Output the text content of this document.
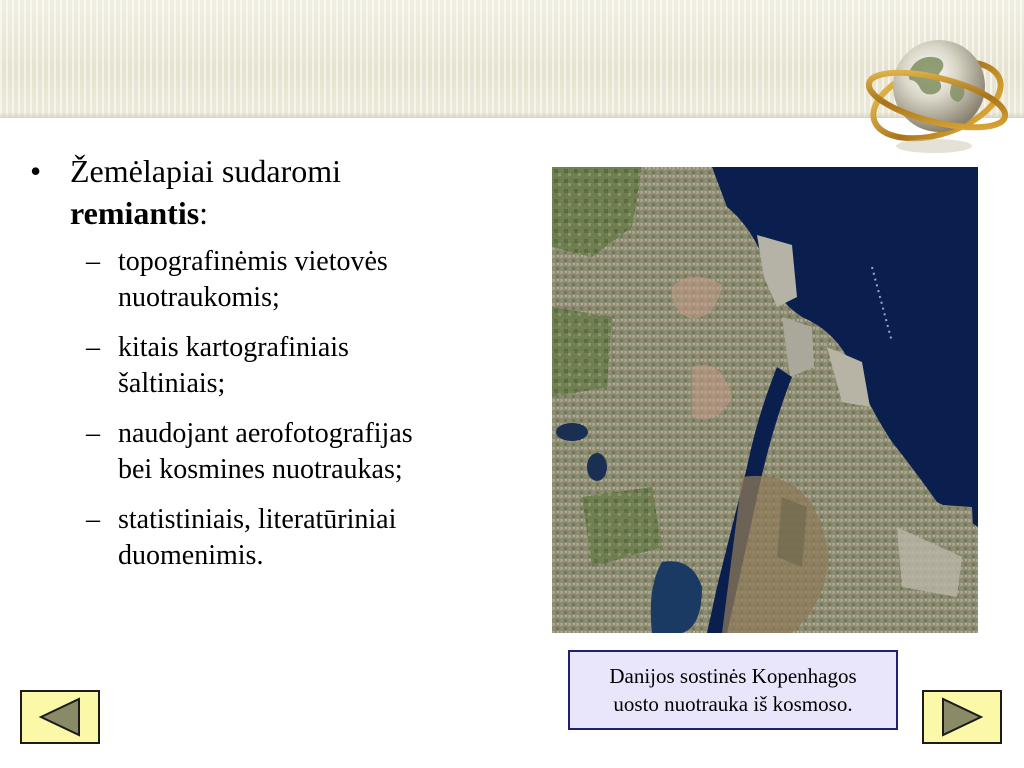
• Žemėlapiai sudaromi
remiantis:
– topografinėmis vietovės
nuotraukomis;
– kitais kartografiniais
šaltiniais;
– naudojant aerofotografijas
bei kosmines nuotraukas;
– statistiniais, literatūriniai
duomenimis.
Danijos sostinės Kopenhagos
uosto nuotrauka iš kosmoso.
